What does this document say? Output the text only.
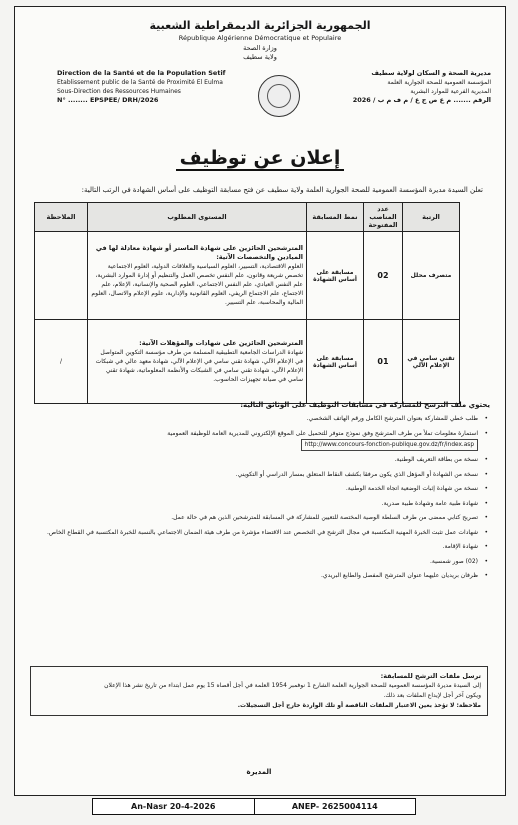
الجمهورية الجزائرية الديمقراطية الشعبية
République Algérienne Démocratique et Populaire
وزارة الصحة
ولاية سطيف
Direction de la Santé et de la Population Setif
Etablissement public de la Santé de Proximité El Eulma
Sous-Direction des Ressources Humaines
N° ........ EPSPEE/ DRH/2026
مديرية الصحة و السكان لولاية سطيف
المؤسسة العمومية للصحة الجوارية العلمة
المديرية الفرعية للموارد البشرية
الرقم ....... م ع ص ج ع / م ف م ب / 2026
إعلان عن توظيف
تعلن السيدة مديرة المؤسسة العمومية للصحة الجوارية العلمة ولاية سطيف عن فتح مسابقة التوظيف على أساس الشهادة في الرتب التالية:
الرتبة	عدد المناصب المفتوحة	نمط المسابقة	المستوى المطلوب	الملاحظة
متصرف محلل	02	مسابقة على أساس الشهادة	المترشحين الحائزين على شهادة الماستر أو شهادة معادلة لها في الميادين والتخصصات الآتية:
العلوم الاقتصادية، التسيير، العلوم السياسية والعلاقات الدولية، العلوم الاجتماعية تخصص شريعة وقانون، علم النفس تخصص العمل والتنظيم أو إدارة الموارد البشرية، علم النفس العيادي، علم النفس الاجتماعي، العلوم الصحية والإنسانية، الإعلام، علم الاجتماع، علم الاجتماع الريفي، العلوم القانونية والإدارية، علوم الإعلام والاتصال، العلوم المالية والمحاسبة، علم التسيير.	

تقني سامي في الإعلام الآلي	01	مسابقة على أساس الشهادة	المترشحين الحائزين على شهادات والمؤهلات الآتية:
شهادة الدراسات الجامعية التطبيقية المسلمة من طرف مؤسسة التكوين المتواصل في الإعلام الآلي، شهادة تقني سامي في الإعلام الآلي، شهادة معهد عالي في شبكات الإعلام الآلي، شهادة تقني سامي في الشبكات والأنظمة المعلوماتية، شهادة تقني سامي في صيانة تجهيزات الحاسوب.	/
يحتوي ملف الترشح للمشاركة في مسابقات التوظيف على الوثائق التالية:
• طلب خطي للمشاركة بعنوان المترشح الكامل ورقم الهاتف الشخصي.
• استمارة معلومات تملأ من طرف المترشح وفق نموذج متوفر للتحميل على الموقع الإلكتروني للمديرية العامة للوظيفة العمومية
http://www.concours-fonction-publique.gov.dz/fr/index.asp
• نسخة من بطاقة التعريف الوطنية.
• نسخة من الشهادة أو المؤهل الذي يكون مرفقا بكشف النقاط المتعلق بمسار الدراسي أو التكويني.
• نسخة من شهادة إثبات الوضعية اتجاه الخدمة الوطنية.
• شهادة طبية عامة وشهادة طبية صدرية.
• تصريح كتابي ممضى من طرف السلطة الوصية المختصة للتعيين للمشاركة في المسابقة للمترشحين الذين هم في حالة عمل.
• شهادات عمل تثبت الخبرة المهنية المكتسبة في مجال الترشح في التخصص عند الاقتضاء مؤشرة من طرف هيئة الضمان الاجتماعي بالنسبة للخبرة المكتسبة في القطاع الخاص.
• شهادة الإقامة.
• (02) صور شمسية.
• ظرفان بريديان عليهما عنوان المترشح المفصل والطابع البريدي.
ترسل ملفات الترشح للمسابقة:
إلى السيدة مديرة المؤسسة العمومية للصحة الجوارية العلمة الشارع 1 نوفمبر 1954 العلمة في أجل أقصاه 15 يوم عمل ابتداء من تاريخ نشر هذا الإعلان
ويكون آخر أجل لإيداع الملفات بعد ذلك.
ملاحظة: لا تؤخذ بعين الاعتبار الملفات الناقصة أو تلك الواردة خارج أجل التسجيلات.
المديرة
An-Nasr 20-4-2026	ANEP- 2625004114
